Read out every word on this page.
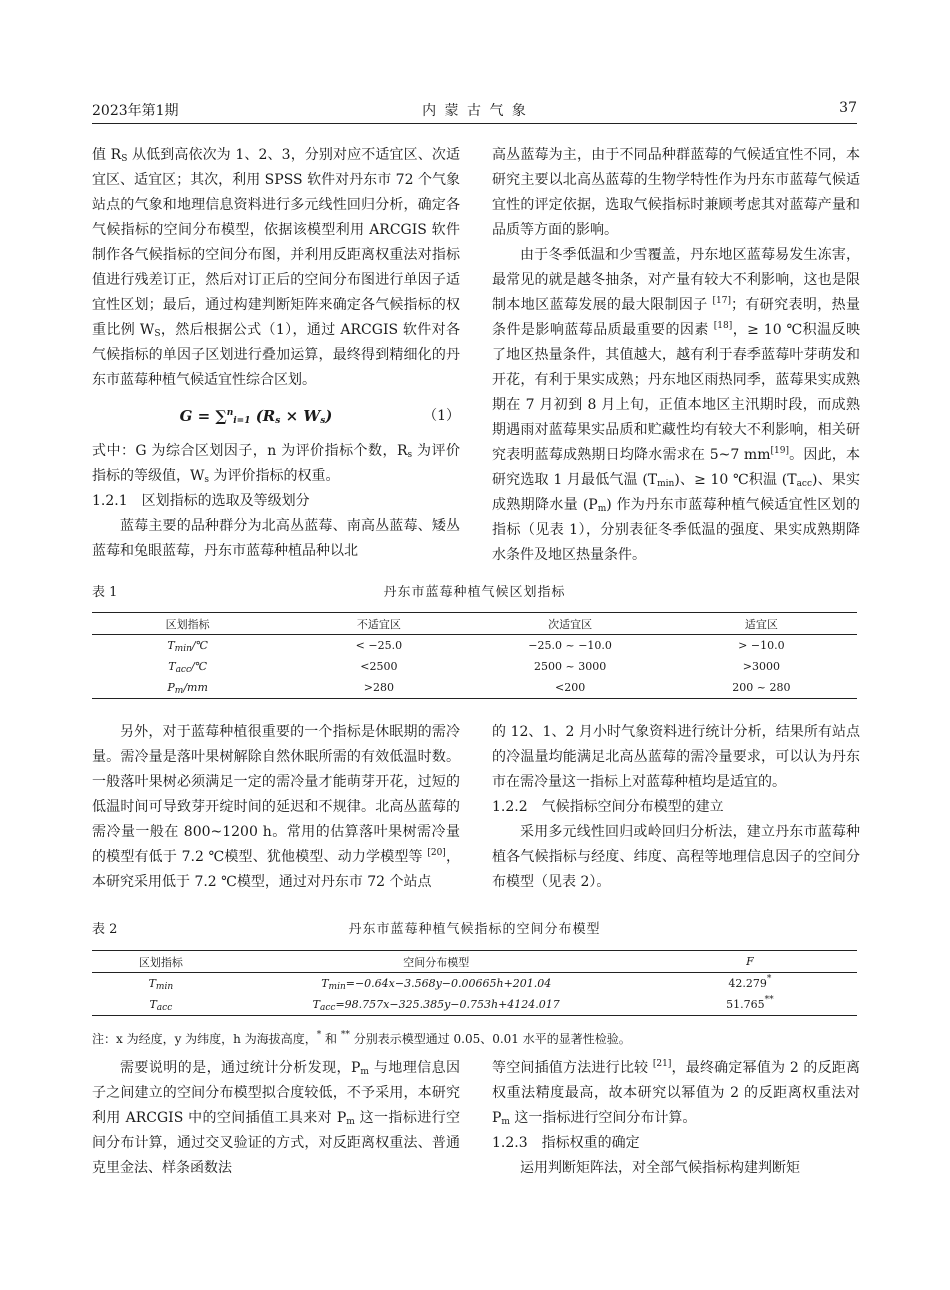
2023年第1期	内 蒙 古 气 象	37

值 $R_S$ 从低到高依次为 1、2、3，分别对应不适宜区、次适宜区、适宜区；其次，利用 SPSS 软件对丹东市 72 个气象站点的气象和地理信息资料进行多元线性回归分析，确定各气候指标的空间分布模型，依据该模型利用 ARCGIS 软件制作各气候指标的空间分布图，并利用反距离权重法对指标值进行残差订正，然后对订正后的空间分布图进行单因子适宜性区划；最后，通过构建判断矩阵来确定各气候指标的权重比例 $W_S$，然后根据公式（1），通过 ARCGIS 软件对各气候指标的单因子区划进行叠加运算，最终得到精细化的丹东市蓝莓种植气候适宜性综合区划。

G = ∑$^n_{i=1}$ $(R_s \times W_s)$	（1）

式中：G 为综合区划因子，n 为评价指标个数，$R_s$ 为评价指标的等级值，$W_s$ 为评价指标的权重。

1.2.1　区划指标的选取及等级划分

蓝莓主要的品种群分为北高丛蓝莓、南高丛蓝莓、矮丛蓝莓和兔眼蓝莓，丹东市蓝莓种植品种以北

高丛蓝莓为主，由于不同品种群蓝莓的气候适宜性不同，本研究主要以北高丛蓝莓的生物学特性作为丹东市蓝莓气候适宜性的评定依据，选取气候指标时兼顾考虑其对蓝莓产量和品质等方面的影响。

由于冬季低温和少雪覆盖，丹东地区蓝莓易发生冻害，最常见的就是越冬抽条，对产量有较大不利影响，这也是限制本地区蓝莓发展的最大限制因子 [17]；有研究表明，热量条件是影响蓝莓品质最重要的因素 [18]，≥ 10 ℃积温反映了地区热量条件，其值越大，越有利于春季蓝莓叶芽萌发和开花，有利于果实成熟；丹东地区雨热同季，蓝莓果实成熟期在 7 月初到 8 月上旬，正值本地区主汛期时段，而成熟期遇雨对蓝莓果实品质和贮藏性均有较大不利影响，相关研究表明蓝莓成熟期日均降水需求在 5~7 mm[19]。因此，本研究选取 1 月最低气温 $(T_{min})$、≥ 10 ℃积温 $(T_{acc})$、果实成熟期降水量 $(P_m)$ 作为丹东市蓝莓种植气候适宜性区划的指标（见表 1），分别表征冬季低温的强度、果实成熟期降水条件及地区热量条件。

表 1	丹东市蓝莓种植气候区划指标
区划指标	不适宜区	次适宜区	适宜区
$T_{min}/℃$	< −25.0	−25.0 ~ −10.0	> −10.0
$T_{acc}/℃$	<2500	2500 ~ 3000	>3000
$P_m/mm$	>280	<200	200 ~ 280

另外，对于蓝莓种植很重要的一个指标是休眠期的需冷量。需冷量是落叶果树解除自然休眠所需的有效低温时数。一般落叶果树必须满足一定的需冷量才能萌芽开花，过短的低温时间可导致芽开绽时间的延迟和不规律。北高丛蓝莓的需冷量一般在 800~1200 h。常用的估算落叶果树需冷量的模型有低于 7.2 ℃模型、犹他模型、动力学模型等 [20]，本研究采用低于 7.2 ℃模型，通过对丹东市 72 个站点

的 12、1、2 月小时气象资料进行统计分析，结果所有站点的冷温量均能满足北高丛蓝莓的需冷量要求，可以认为丹东市在需冷量这一指标上对蓝莓种植均是适宜的。

1.2.2　气候指标空间分布模型的建立

采用多元线性回归或岭回归分析法，建立丹东市蓝莓种植各气候指标与经度、纬度、高程等地理信息因子的空间分布模型（见表 2）。

表 2	丹东市蓝莓种植气候指标的空间分布模型
区划指标	空间分布模型	F
$T_{min}$	$T_{min}=-0.64x-3.568y-0.00665h+201.04$	42.279*
$T_{acc}$	$T_{acc}=98.757x-325.385y-0.753h+4124.017$	51.765**
注：x 为经度，y 为纬度，h 为海拔高度，* 和 ** 分别表示模型通过 0.05、0.01 水平的显著性检验。

需要说明的是，通过统计分析发现，$P_m$ 与地理信息因子之间建立的空间分布模型拟合度较低，不予采用，本研究利用 ARCGIS 中的空间插值工具来对 $P_m$ 这一指标进行空间分布计算，通过交叉验证的方式，对反距离权重法、普通克里金法、样条函数法

等空间插值方法进行比较 [21]，最终确定幂值为 2 的反距离权重法精度最高，故本研究以幂值为 2 的反距离权重法对 $P_m$ 这一指标进行空间分布计算。

1.2.3　指标权重的确定

运用判断矩阵法，对全部气候指标构建判断矩
